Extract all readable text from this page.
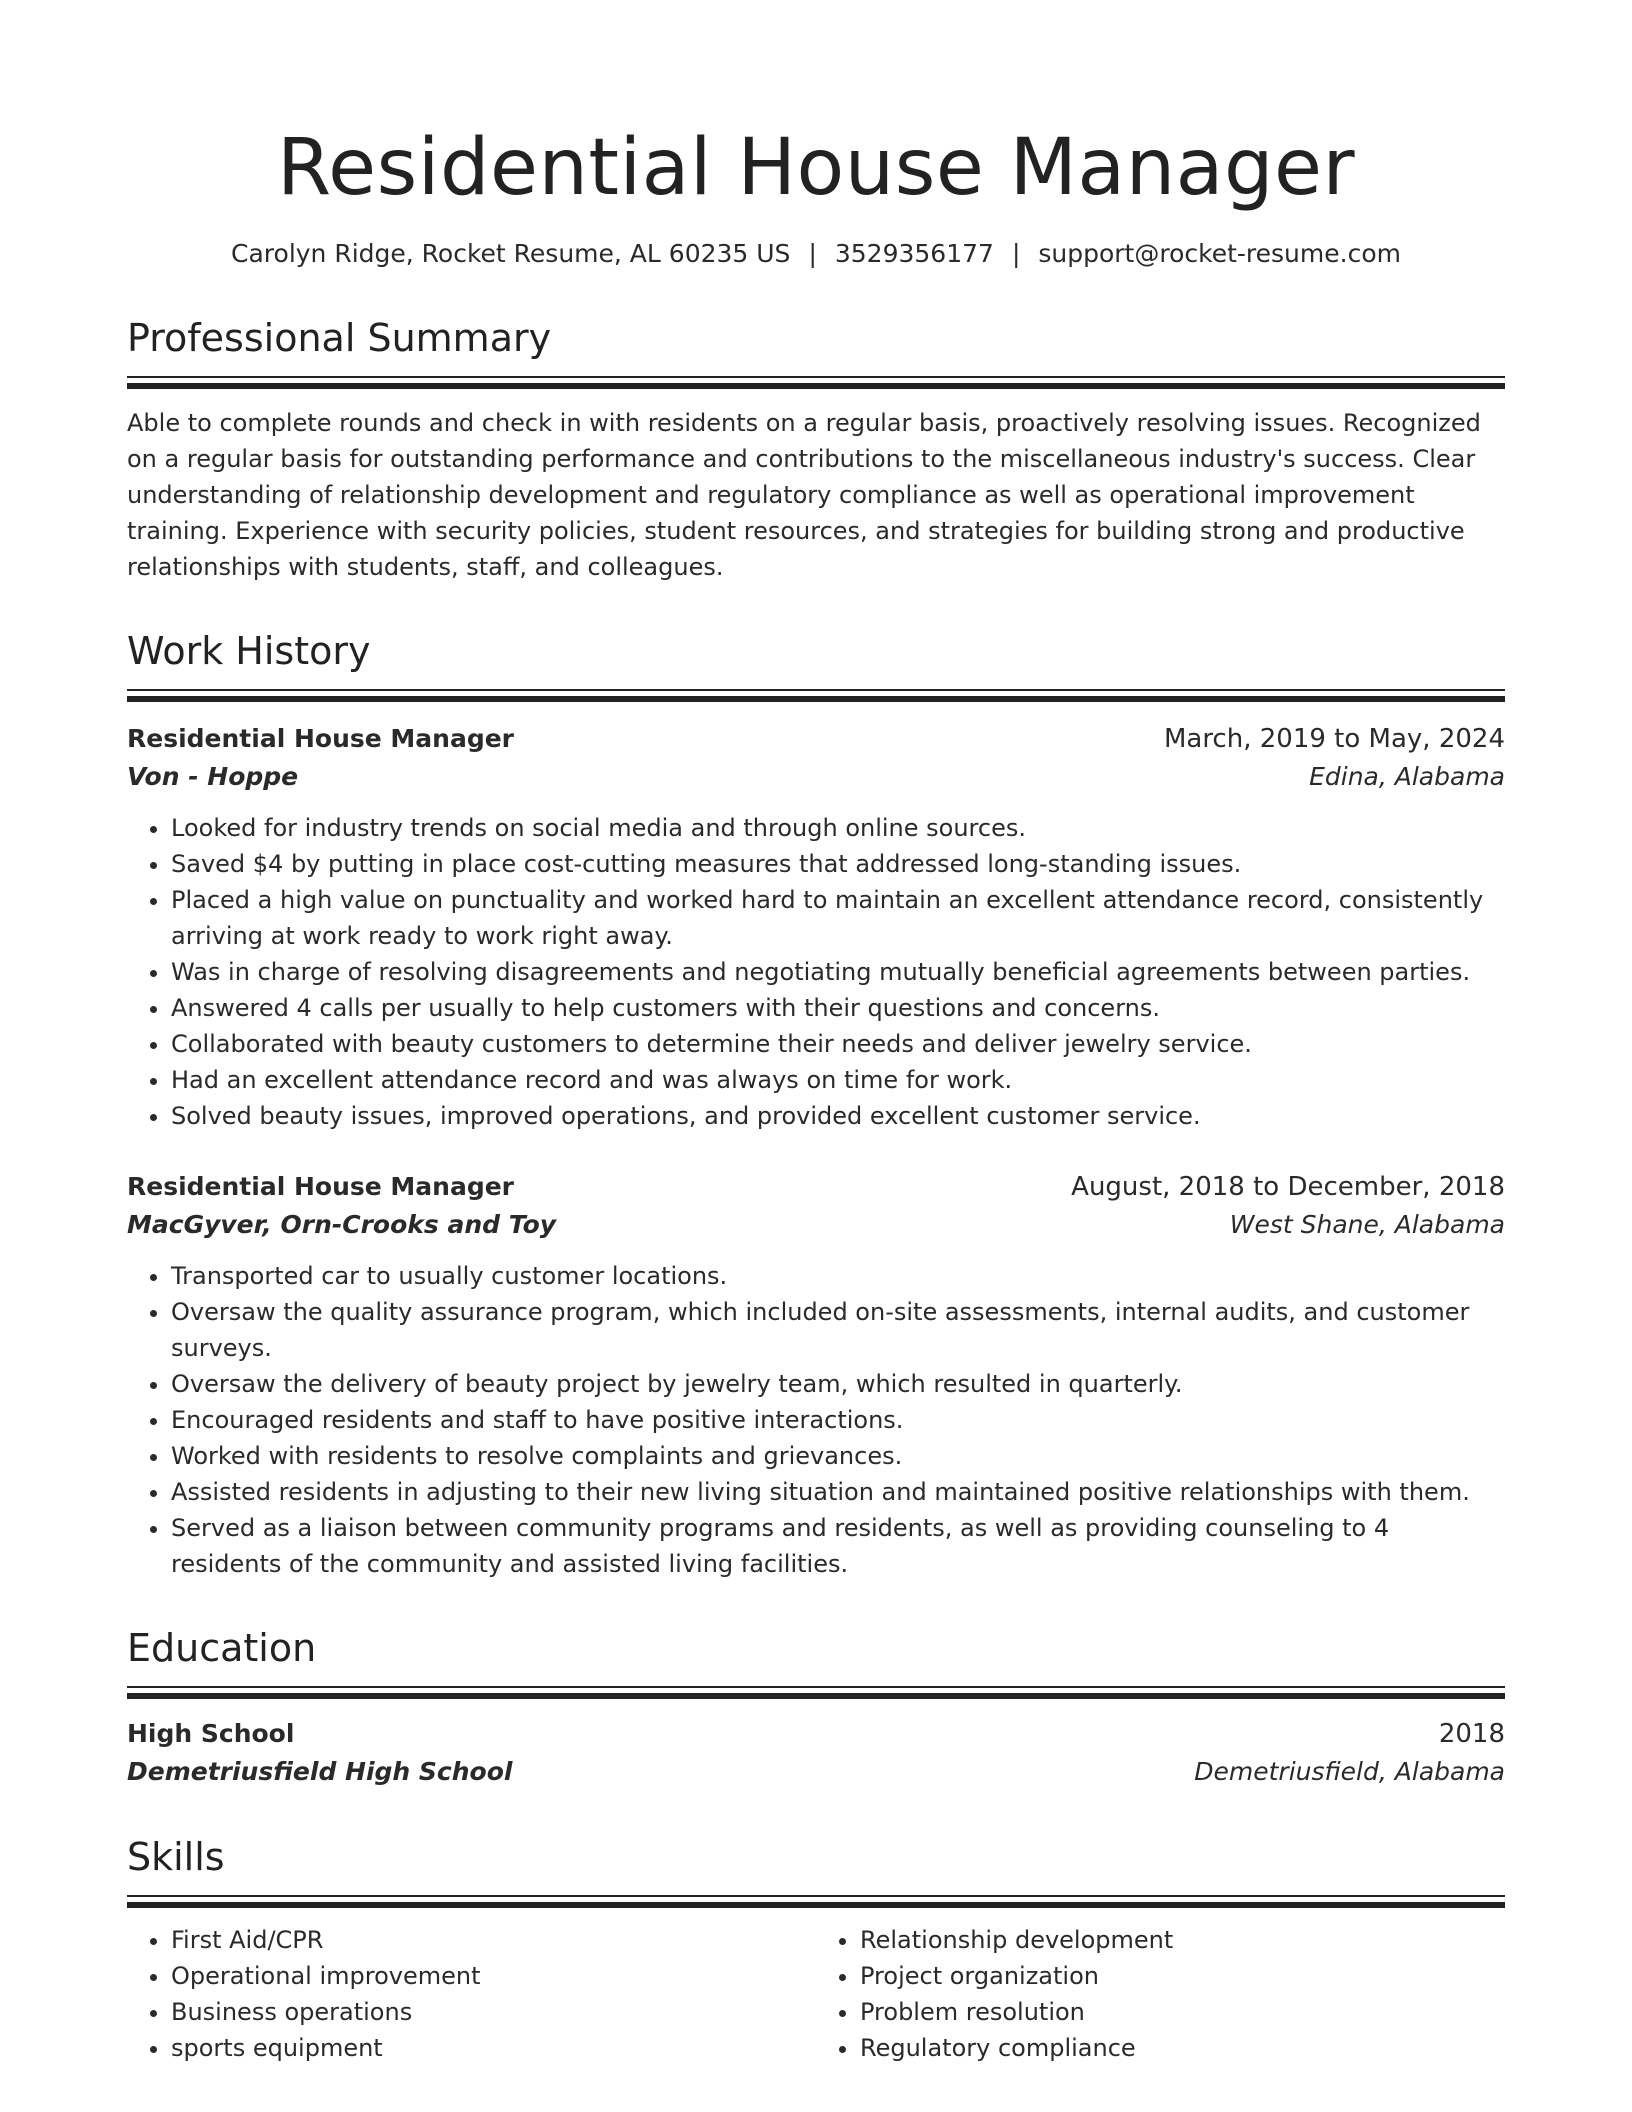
Residential House Manager
Carolyn Ridge, Rocket Resume, AL 60235 US | 3529356177 | support@rocket-resume.com
Professional Summary
Able to complete rounds and check in with residents on a regular basis, proactively resolving issues. Recognized on a regular basis for outstanding performance and contributions to the miscellaneous industry's success. Clear understanding of relationship development and regulatory compliance as well as operational improvement training. Experience with security policies, student resources, and strategies for building strong and productive relationships with students, staff, and colleagues.
Work History
Residential House Manager	March, 2019 to May, 2024
Von - Hoppe	Edina, Alabama
• Looked for industry trends on social media and through online sources.
• Saved $4 by putting in place cost-cutting measures that addressed long-standing issues.
• Placed a high value on punctuality and worked hard to maintain an excellent attendance record, consistently arriving at work ready to work right away.
• Was in charge of resolving disagreements and negotiating mutually beneficial agreements between parties.
• Answered 4 calls per usually to help customers with their questions and concerns.
• Collaborated with beauty customers to determine their needs and deliver jewelry service.
• Had an excellent attendance record and was always on time for work.
• Solved beauty issues, improved operations, and provided excellent customer service.
Residential House Manager	August, 2018 to December, 2018
MacGyver, Orn-Crooks and Toy	West Shane, Alabama
• Transported car to usually customer locations.
• Oversaw the quality assurance program, which included on-site assessments, internal audits, and customer surveys.
• Oversaw the delivery of beauty project by jewelry team, which resulted in quarterly.
• Encouraged residents and staff to have positive interactions.
• Worked with residents to resolve complaints and grievances.
• Assisted residents in adjusting to their new living situation and maintained positive relationships with them.
• Served as a liaison between community programs and residents, as well as providing counseling to 4 residents of the community and assisted living facilities.
Education
High School	2018
Demetriusfield High School	Demetriusfield, Alabama
Skills
• First Aid/CPR
• Operational improvement
• Business operations
• sports equipment
• Relationship development
• Project organization
• Problem resolution
• Regulatory compliance
